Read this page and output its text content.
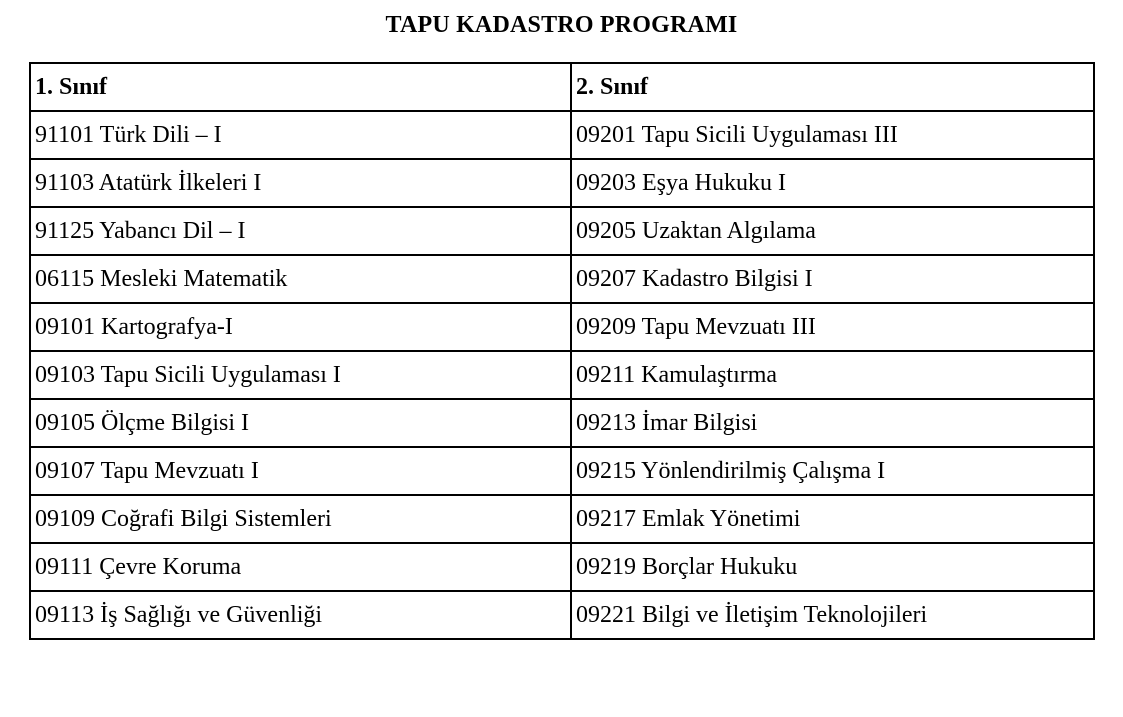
TAPU KADASTRO PROGRAMI
1. Sınıf	2. Sınıf
91101 Türk Dili – I	09201 Tapu Sicili Uygulaması III
91103 Atatürk İlkeleri I	09203 Eşya Hukuku I
91125 Yabancı Dil – I	09205 Uzaktan Algılama
06115 Mesleki Matematik	09207 Kadastro Bilgisi I
09101 Kartografya-I	09209 Tapu Mevzuatı III
09103 Tapu Sicili Uygulaması I	09211 Kamulaştırma
09105 Ölçme Bilgisi I	09213 İmar Bilgisi
09107 Tapu Mevzuatı I	09215 Yönlendirilmiş Çalışma I
09109 Coğrafi Bilgi Sistemleri	09217 Emlak Yönetimi
09111 Çevre Koruma	09219 Borçlar Hukuku
09113 İş Sağlığı ve Güvenliği	09221 Bilgi ve İletişim Teknolojileri
